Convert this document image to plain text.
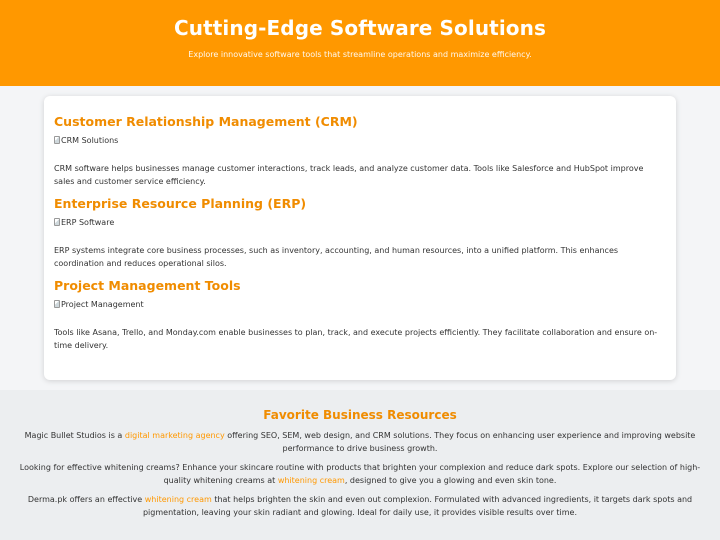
Cutting-Edge Software Solutions

Explore innovative software tools that streamline operations and maximize efficiency.

Customer Relationship Management (CRM)
CRM Solutions

CRM software helps businesses manage customer interactions, track leads, and analyze customer data. Tools like Salesforce and HubSpot improve sales and customer service efficiency.

Enterprise Resource Planning (ERP)
ERP Software

ERP systems integrate core business processes, such as inventory, accounting, and human resources, into a unified platform. This enhances coordination and reduces operational silos.

Project Management Tools
Project Management

Tools like Asana, Trello, and Monday.com enable businesses to plan, track, and execute projects efficiently. They facilitate collaboration and ensure on-time delivery.

Favorite Business Resources

Magic Bullet Studios is a digital marketing agency offering SEO, SEM, web design, and CRM solutions. They focus on enhancing user experience and improving website performance to drive business growth.

Looking for effective whitening creams? Enhance your skincare routine with products that brighten your complexion and reduce dark spots. Explore our selection of high-quality whitening creams at whitening cream, designed to give you a glowing and even skin tone.

Derma.pk offers an effective whitening cream that helps brighten the skin and even out complexion. Formulated with advanced ingredients, it targets dark spots and pigmentation, leaving your skin radiant and glowing. Ideal for daily use, it provides visible results over time.
